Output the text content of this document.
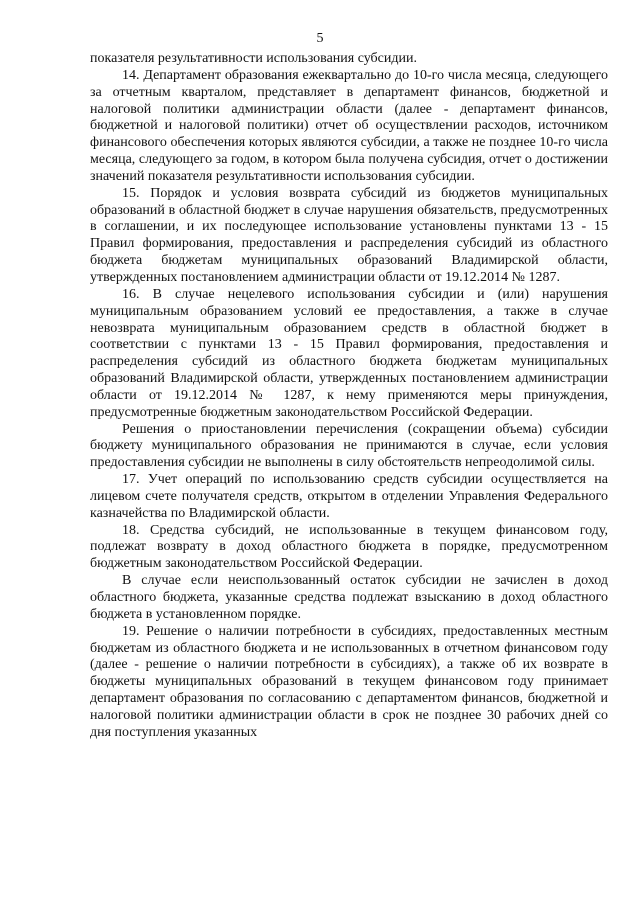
5

показателя результативности использования субсидии.

14. Департамент образования ежеквартально до 10-го числа месяца, следующего за отчетным кварталом, представляет в департамент финансов, бюджетной и налоговой политики администрации области (далее - департамент финансов, бюджетной и налоговой политики) отчет об осуществлении расходов, источником финансового обеспечения которых являются субсидии, а также не позднее 10-го числа месяца, следующего за годом, в котором была получена субсидия, отчет о достижении значений показателя результативности использования субсидии.

15. Порядок и условия возврата субсидий из бюджетов муниципальных образований в областной бюджет в случае нарушения обязательств, предусмотренных в соглашении, и их последующее использование установлены пунктами 13 - 15 Правил формирования, предоставления и распределения субсидий из областного бюджета бюджетам муниципальных образований Владимирской области, утвержденных постановлением администрации области от 19.12.2014 № 1287.

16. В случае нецелевого использования субсидии и (или) нарушения муниципальным образованием условий ее предоставления, а также в случае невозврата муниципальным образованием средств в областной бюджет в соответствии с пунктами 13 - 15 Правил формирования, предоставления и распределения субсидий из областного бюджета бюджетам муниципальных образований Владимирской области, утвержденных постановлением администрации области от 19.12.2014 № 1287, к нему применяются меры принуждения, предусмотренные бюджетным законодательством Российской Федерации.

Решения о приостановлении перечисления (сокращении объема) субсидии бюджету муниципального образования не принимаются в случае, если условия предоставления субсидии не выполнены в силу обстоятельств непреодолимой силы.

17. Учет операций по использованию средств субсидии осуществляется на лицевом счете получателя средств, открытом в отделении Управления Федерального казначейства по Владимирской области.

18. Средства субсидий, не использованные в текущем финансовом году, подлежат возврату в доход областного бюджета в порядке, предусмотренном бюджетным законодательством Российской Федерации.

В случае если неиспользованный остаток субсидии не зачислен в доход областного бюджета, указанные средства подлежат взысканию в доход областного бюджета в установленном порядке.

19. Решение о наличии потребности в субсидиях, предоставленных местным бюджетам из областного бюджета и не использованных в отчетном финансовом году (далее - решение о наличии потребности в субсидиях), а также об их возврате в бюджеты муниципальных образований в текущем финансовом году принимает департамент образования по согласованию с департаментом финансов, бюджетной и налоговой политики администрации области в срок не позднее 30 рабочих дней со дня поступления указанных
